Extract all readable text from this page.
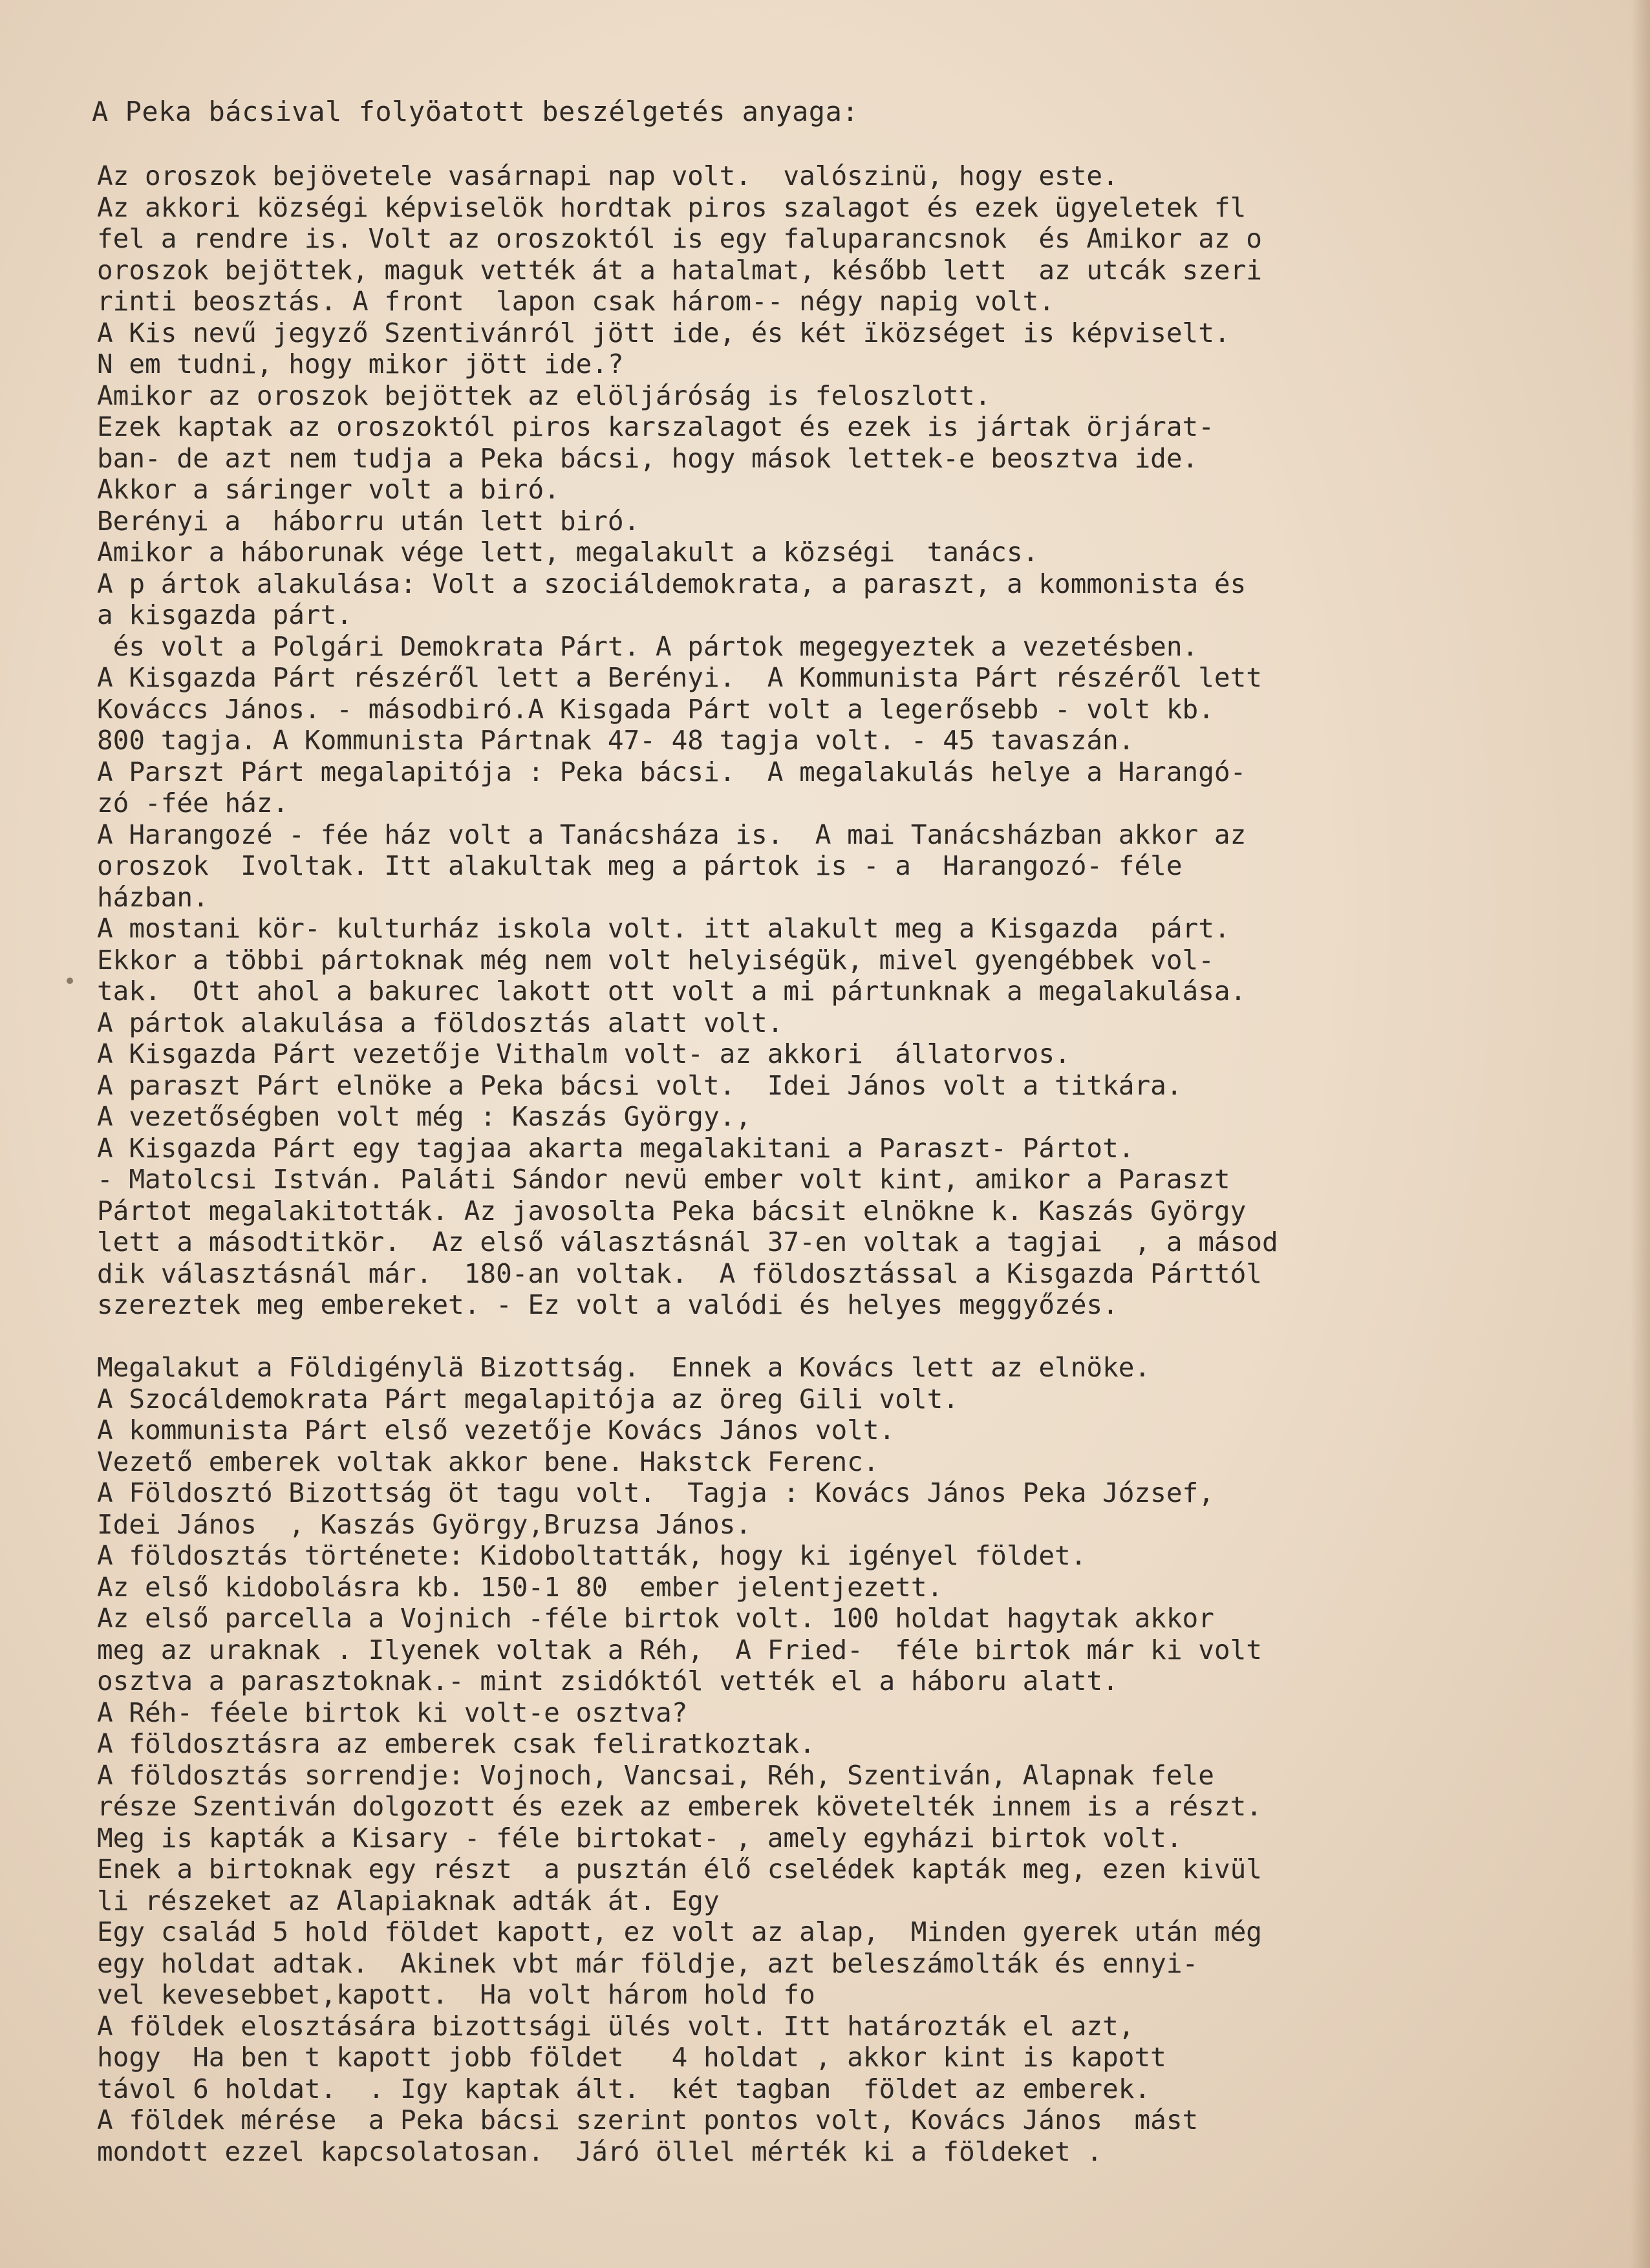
A Peka bácsival folyöatott beszélgetés anyaga:
Az oroszok bejövetele vasárnapi nap volt.  valószinü, hogy este.
Az akkori községi képviselök hordtak piros szalagot és ezek ügyeletek fl
fel a rendre is. Volt az oroszoktól is egy faluparancsnok  és Amikor az o
oroszok bejöttek, maguk vették át a hatalmat, később lett  az utcák szeri
rinti beosztás. A front  lapon csak három-- négy napig volt.
A Kis nevű jegyző Szentivánról jött ide, és két ïközséget is képviselt.
N em tudni, hogy mikor jött ide.?
Amikor az oroszok bejöttek az elöljáróság is feloszlott.
Ezek kaptak az oroszoktól piros karszalagot és ezek is jártak örjárat-
ban- de azt nem tudja a Peka bácsi, hogy mások lettek-e beosztva ide.
Akkor a sáringer volt a biró.
Berényi a  háborru után lett biró.
Amikor a háborunak vége lett, megalakult a községi  tanács.
A p ártok alakulása: Volt a szociáldemokrata, a paraszt, a kommonista és
a kisgazda párt.
és volt a Polgári Demokrata Párt. A pártok megegyeztek a vezetésben.
A Kisgazda Párt részéről lett a Berényi.  A Kommunista Párt részéről lett
Kováccs János. - másodbiró.A Kisgada Párt volt a legerősebb - volt kb.
800 tagja. A Kommunista Pártnak 47- 48 tagja volt. - 45 tavaszán.
A Parszt Párt megalapitója : Peka bácsi.  A megalakulás helye a Harangó-
zó -fée ház.
A Harangozé - fée ház volt a Tanácsháza is.  A mai Tanácsházban akkor az
oroszok  Ivoltak. Itt alakultak meg a pártok is - a  Harangozó- féle
házban.
A mostani kör- kulturház iskola volt. itt alakult meg a Kisgazda  párt.
Ekkor a többi pártoknak még nem volt helyiségük, mivel gyengébbek vol-
tak.  Ott ahol a bakurec lakott ott volt a mi pártunknak a megalakulása.
A pártok alakulása a földosztás alatt volt.
A Kisgazda Párt vezetője Vithalm volt- az akkori  állatorvos.
A paraszt Párt elnöke a Peka bácsi volt.  Idei János volt a titkára.
A vezetőségben volt még : Kaszás György.,
A Kisgazda Párt egy tagjaa akarta megalakitani a Paraszt- Pártot.
- Matolcsi István. Paláti Sándor nevü ember volt kint, amikor a Paraszt
Pártot megalakitották. Az javosolta Peka bácsit elnökne k. Kaszás György
lett a másodtitkör.  Az első választásnál 37-en voltak a tagjai  , a másod
dik választásnál már.  180-an voltak.  A földosztással a Kisgazda Párttól
szereztek meg embereket. - Ez volt a valódi és helyes meggyőzés.
Megalakut a Földigénylä Bizottság.  Ennek a Kovács lett az elnöke.
A Szocáldemokrata Párt megalapitója az öreg Gili volt.
A kommunista Párt első vezetője Kovács János volt.
Vezető emberek voltak akkor bene. Hakstck Ferenc.
A Földosztó Bizottság öt tagu volt.  Tagja : Kovács János Peka József,
Idei János  , Kaszás György,Bruzsa János.
A földosztás története: Kidoboltatták, hogy ki igényel földet.
Az első kidobolásra kb. 150-1 80  ember jelentjezett.
Az első parcella a Vojnich -féle birtok volt. 100 holdat hagytak akkor
meg az uraknak . Ilyenek voltak a Réh,  A Fried-  féle birtok már ki volt
osztva a parasztoknak.- mint zsidóktól vették el a háboru alatt.
A Réh- féele birtok ki volt-e osztva?
A földosztásra az emberek csak feliratkoztak.
A földosztás sorrendje: Vojnoch, Vancsai, Réh, Szentiván, Alapnak fele
része Szentiván dolgozott és ezek az emberek követelték innem is a részt.
Meg is kapták a Kisary - féle birtokat- , amely egyházi birtok volt.
Enek a birtoknak egy részt  a pusztán élő cselédek kapták meg, ezen kivül
li részeket az Alapiaknak adták át. Egy
Egy család 5 hold földet kapott, ez volt az alap,  Minden gyerek után még
egy holdat adtak.  Akinek vbt már földje, azt beleszámolták és ennyi-
vel kevesebbet,kapott.  Ha volt három hold fo
A földek elosztására bizottsági ülés volt. Itt határozták el azt,
hogy  Ha ben t kapott jobb földet   4 holdat , akkor kint is kapott
távol 6 holdat.  . Igy kaptak ált.  két tagban  földet az emberek.
A földek mérése  a Peka bácsi szerint pontos volt, Kovács János  mást
mondott ezzel kapcsolatosan.  Járó öllel mérték ki a földeket .
